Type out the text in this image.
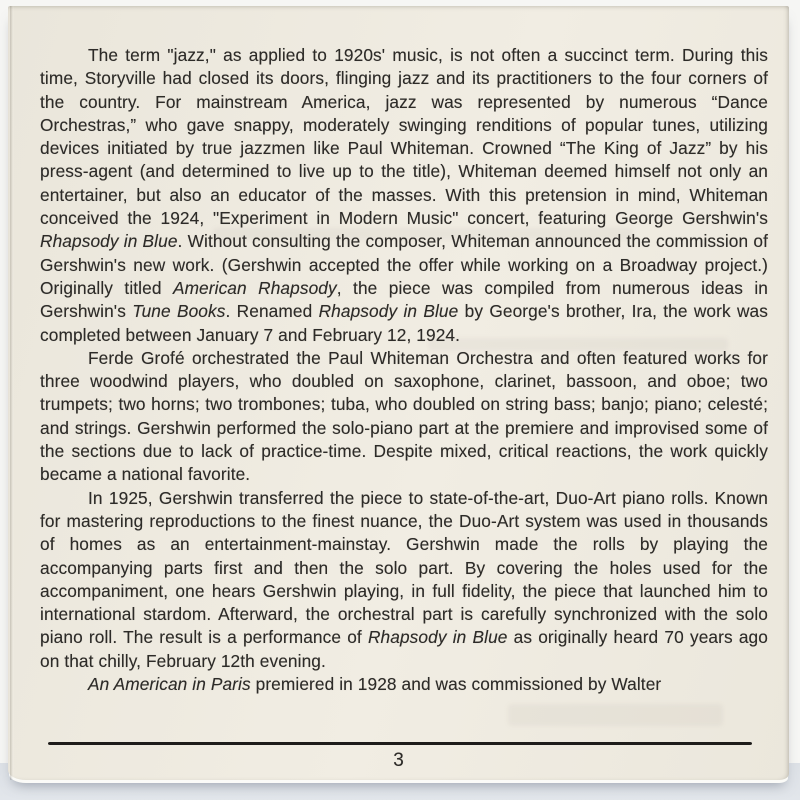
The term "jazz," as applied to 1920s' music, is not often a succinct term. During this time, Storyville had closed its doors, flinging jazz and its practitioners to the four corners of the country. For mainstream America, jazz was represented by numerous “Dance Orchestras,” who gave snappy, moderately swinging renditions of popular tunes, utilizing devices initiated by true jazzmen like Paul Whiteman. Crowned “The King of Jazz” by his press-agent (and determined to live up to the title), Whiteman deemed himself not only an entertainer, but also an educator of the masses. With this pretension in mind, Whiteman conceived the 1924, "Experiment in Modern Music" concert, featuring George Gershwin's Rhapsody in Blue. Without consulting the composer, Whiteman announced the commission of Gershwin's new work. (Gershwin accepted the offer while working on a Broadway project.) Originally titled American Rhapsody, the piece was compiled from numerous ideas in Gershwin's Tune Books. Renamed Rhapsody in Blue by George's brother, Ira, the work was completed between January 7 and February 12, 1924.

Ferde Grofé orchestrated the Paul Whiteman Orchestra and often featured works for three woodwind players, who doubled on saxophone, clarinet, bassoon, and oboe; two trumpets; two horns; two trombones; tuba, who doubled on string bass; banjo; piano; celesté; and strings. Gershwin performed the solo-piano part at the premiere and improvised some of the sections due to lack of practice-time. Despite mixed, critical reactions, the work quickly became a national favorite.

In 1925, Gershwin transferred the piece to state-of-the-art, Duo-Art piano rolls. Known for mastering reproductions to the finest nuance, the Duo-Art system was used in thousands of homes as an entertainment-mainstay. Gershwin made the rolls by playing the accompanying parts first and then the solo part. By covering the holes used for the accompaniment, one hears Gershwin playing, in full fidelity, the piece that launched him to international stardom. Afterward, the orchestral part is carefully synchronized with the solo piano roll. The result is a performance of Rhapsody in Blue as originally heard 70 years ago on that chilly, February 12th evening.

An American in Paris premiered in 1928 and was commissioned by Walter

3
